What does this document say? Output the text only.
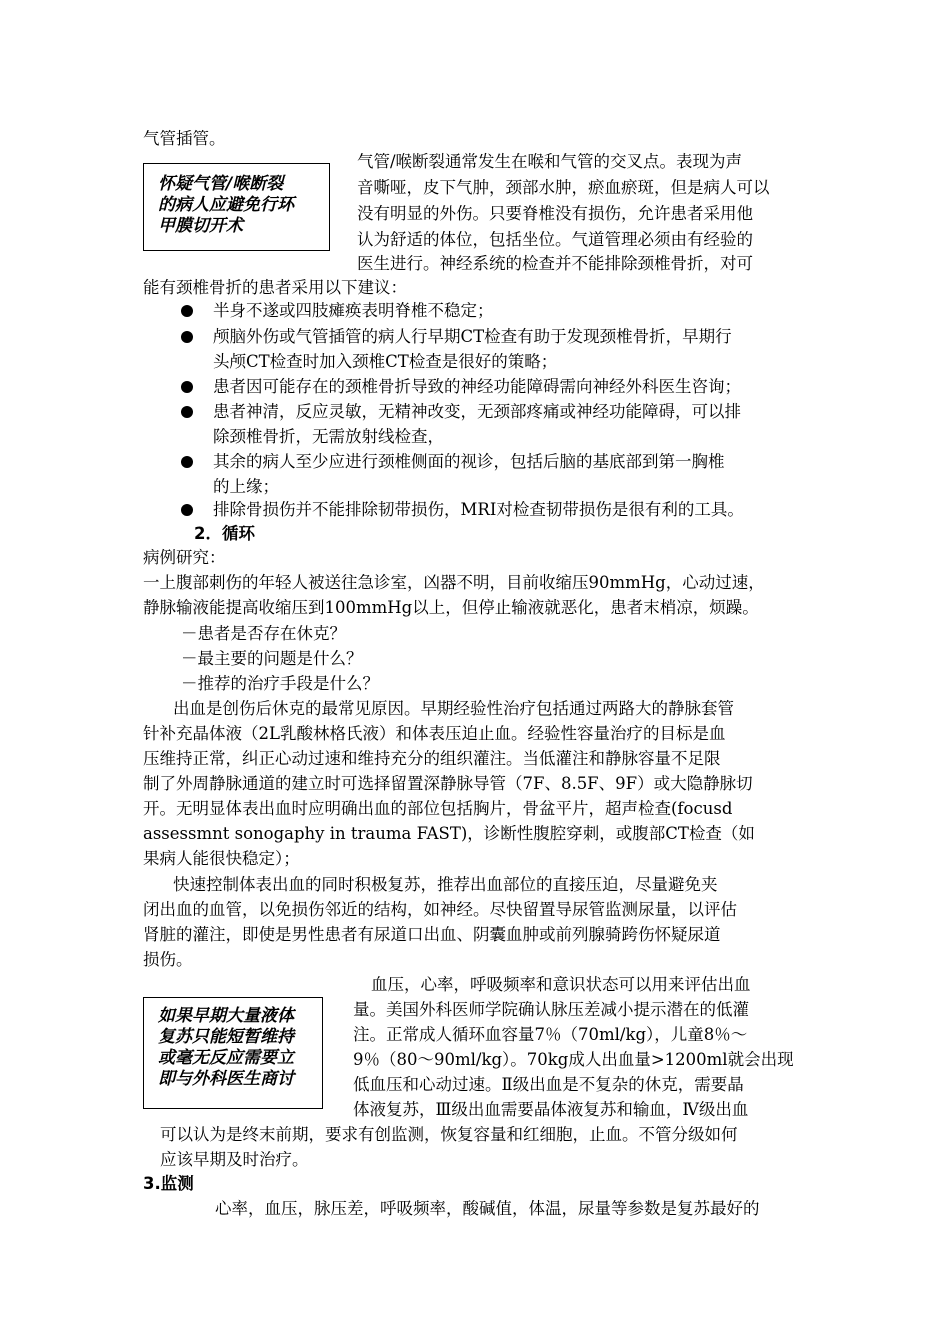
气管插管。
怀疑气管/喉断裂
的病人应避免行环
甲膜切开术
气管/喉断裂通常发生在喉和气管的交叉点。表现为声
音嘶哑，皮下气肿，颈部水肿，瘀血瘀斑，但是病人可以
没有明显的外伤。只要脊椎没有损伤，允许患者采用他
认为舒适的体位，包括坐位。气道管理必须由有经验的
医生进行。神经系统的检查并不能排除颈椎骨折，对可
能有颈椎骨折的患者采用以下建议：
半身不遂或四肢瘫痪表明脊椎不稳定；
颅脑外伤或气管插管的病人行早期CT检查有助于发现颈椎骨折，早期行
头颅CT检查时加入颈椎CT检查是很好的策略；
患者因可能存在的颈椎骨折导致的神经功能障碍需向神经外科医生咨询；
患者神清，反应灵敏，无精神改变，无颈部疼痛或神经功能障碍，可以排
除颈椎骨折，无需放射线检查，
其余的病人至少应进行颈椎侧面的视诊，包括后脑的基底部到第一胸椎
的上缘；
排除骨损伤并不能排除韧带损伤，MRI对检查韧带损伤是很有利的工具。
2．循环
病例研究：
一上腹部刺伤的年轻人被送往急诊室，凶器不明，目前收缩压90mmHg，心动过速，
静脉输液能提高收缩压到100mmHg以上，但停止输液就恶化，患者末梢凉，烦躁。
－患者是否存在休克？
－最主要的问题是什么？
－推荐的治疗手段是什么？
出血是创伤后休克的最常见原因。早期经验性治疗包括通过两路大的静脉套管
针补充晶体液（2L乳酸林格氏液）和体表压迫止血。经验性容量治疗的目标是血
压维持正常，纠正心动过速和维持充分的组织灌注。当低灌注和静脉容量不足限
制了外周静脉通道的建立时可选择留置深静脉导管（7F、8.5F、9F）或大隐静脉切
开。无明显体表出血时应明确出血的部位包括胸片，骨盆平片，超声检查(focusd
assessmnt sonogaphy in trauma FAST)，诊断性腹腔穿刺，或腹部CT检查（如
果病人能很快稳定）；
快速控制体表出血的同时积极复苏，推荐出血部位的直接压迫，尽量避免夹
闭出血的血管，以免损伤邻近的结构，如神经。尽快留置导尿管监测尿量，以评估
肾脏的灌注，即使是男性患者有尿道口出血、阴囊血肿或前列腺骑跨伤怀疑尿道
损伤。
如果早期大量液体
复苏只能短暂维持
或毫无反应需要立
即与外科医生商讨
血压，心率，呼吸频率和意识状态可以用来评估出血
量。美国外科医师学院确认脉压差减小提示潜在的低灌
注。正常成人循环血容量7％（70ml/kg），儿童8％～
9％（80～90ml/kg）。70kg成人出血量>1200ml就会出现
低血压和心动过速。Ⅱ级出血是不复杂的休克，需要晶
体液复苏，Ⅲ级出血需要晶体液复苏和输血，Ⅳ级出血
可以认为是终末前期，要求有创监测，恢复容量和红细胞，止血。不管分级如何
应该早期及时治疗。
3.监测
心率，血压，脉压差，呼吸频率，酸碱值，体温，尿量等参数是复苏最好的
